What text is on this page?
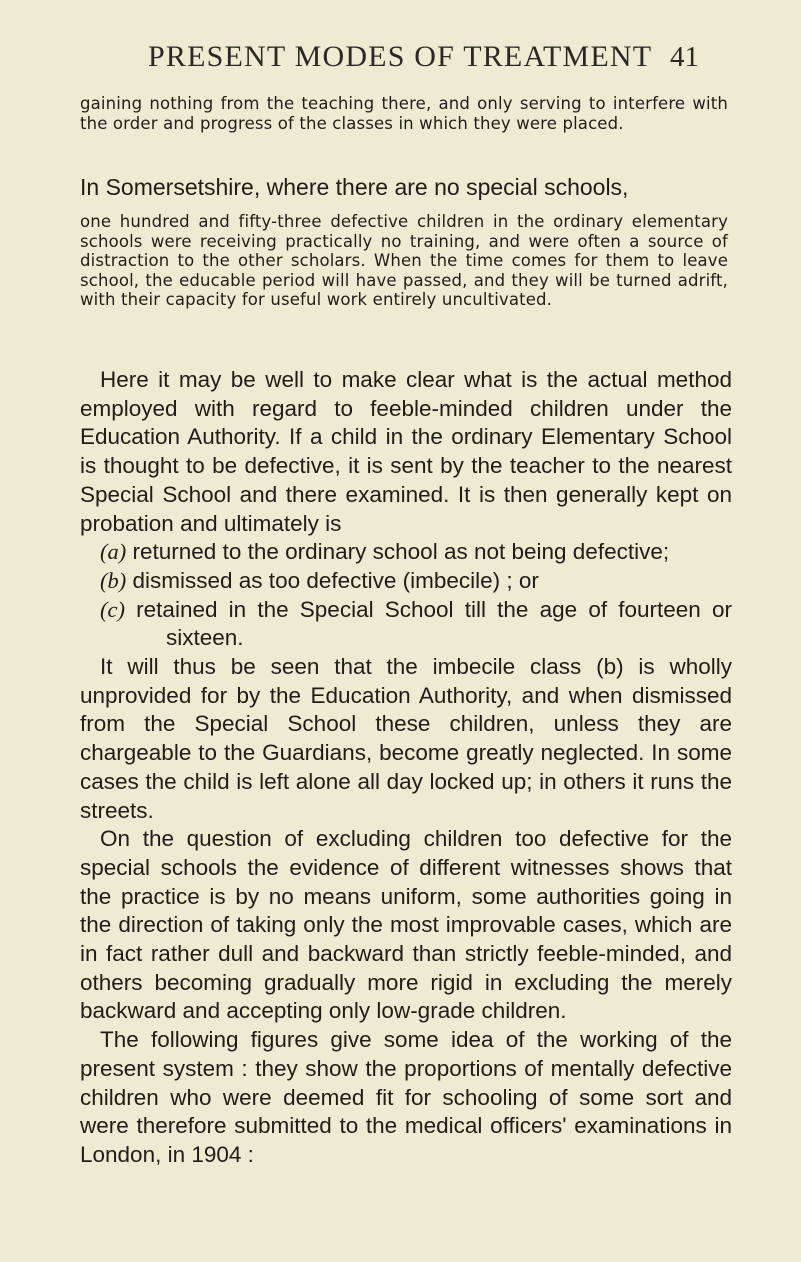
PRESENT MODES OF TREATMENT 41
gaining nothing from the teaching there, and only serving to interfere with the order and progress of the classes in which they were placed.
In Somersetshire, where there are no special schools,
one hundred and fifty-three defective children in the ordinary elementary schools were receiving practically no training, and were often a source of distraction to the other scholars. When the time comes for them to leave school, the educable period will have passed, and they will be turned adrift, with their capacity for useful work entirely uncultivated.
Here it may be well to make clear what is the actual method employed with regard to feeble-minded children under the Education Authority. If a child in the ordinary Elementary School is thought to be defective, it is sent by the teacher to the nearest Special School and there examined. It is then generally kept on probation and ultimately is
(a) returned to the ordinary school as not being defective;
(b) dismissed as too defective (imbecile) ; or
(c) retained in the Special School till the age of fourteen or sixteen.
It will thus be seen that the imbecile class (b) is wholly unprovided for by the Education Authority, and when dismissed from the Special School these children, unless they are chargeable to the Guardians, become greatly neglected. In some cases the child is left alone all day locked up; in others it runs the streets.
On the question of excluding children too defective for the special schools the evidence of different witnesses shows that the practice is by no means uniform, some authorities going in the direction of taking only the most improvable cases, which are in fact rather dull and backward than strictly feeble-minded, and others becoming gradually more rigid in excluding the merely backward and accepting only low-grade children.
The following figures give some idea of the working of the present system : they show the proportions of mentally defective children who were deemed fit for schooling of some sort and were therefore submitted to the medical officers' examinations in London, in 1904 :
